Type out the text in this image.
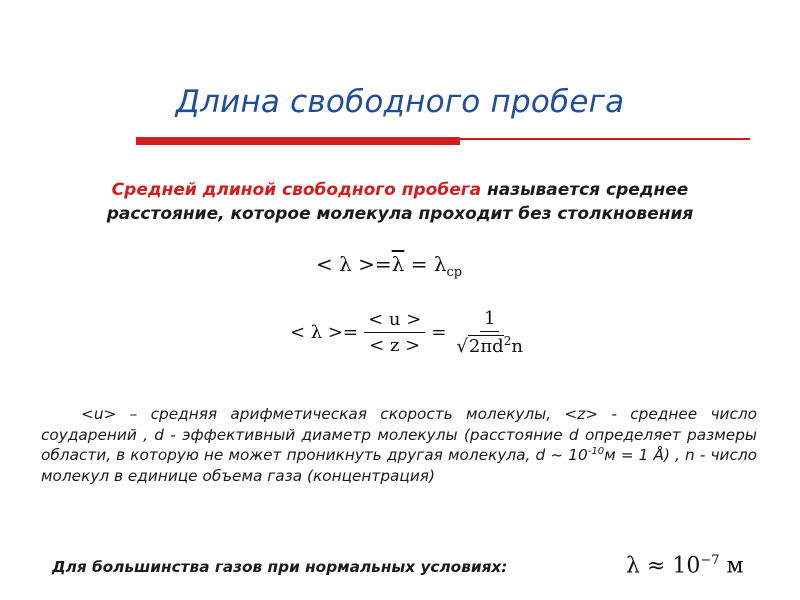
Длина свободного пробега
Средней длиной свободного пробега называется среднее
расстояние, которое молекула проходит без столкновения
< $\lambda >=\overline{\lambda} = \lambda_{ср}$
< $\lambda >= \frac{< u >}{< z >} = \frac{1}{√2\pi d^2n}$

<u> – средняя арифметическая скорость молекулы, <z> - среднее число соударений , d - эффективный диаметр молекулы (расстояние d определяет размеры области, в которую не может проникнуть другая молекула, d ~ $10^{-10}м = 1$ Å) , n - число молекул в единице объема газа (концентрация)

Для большинства газов при нормальных условиях:	$\lambda \approx 10^{-7}$ м
